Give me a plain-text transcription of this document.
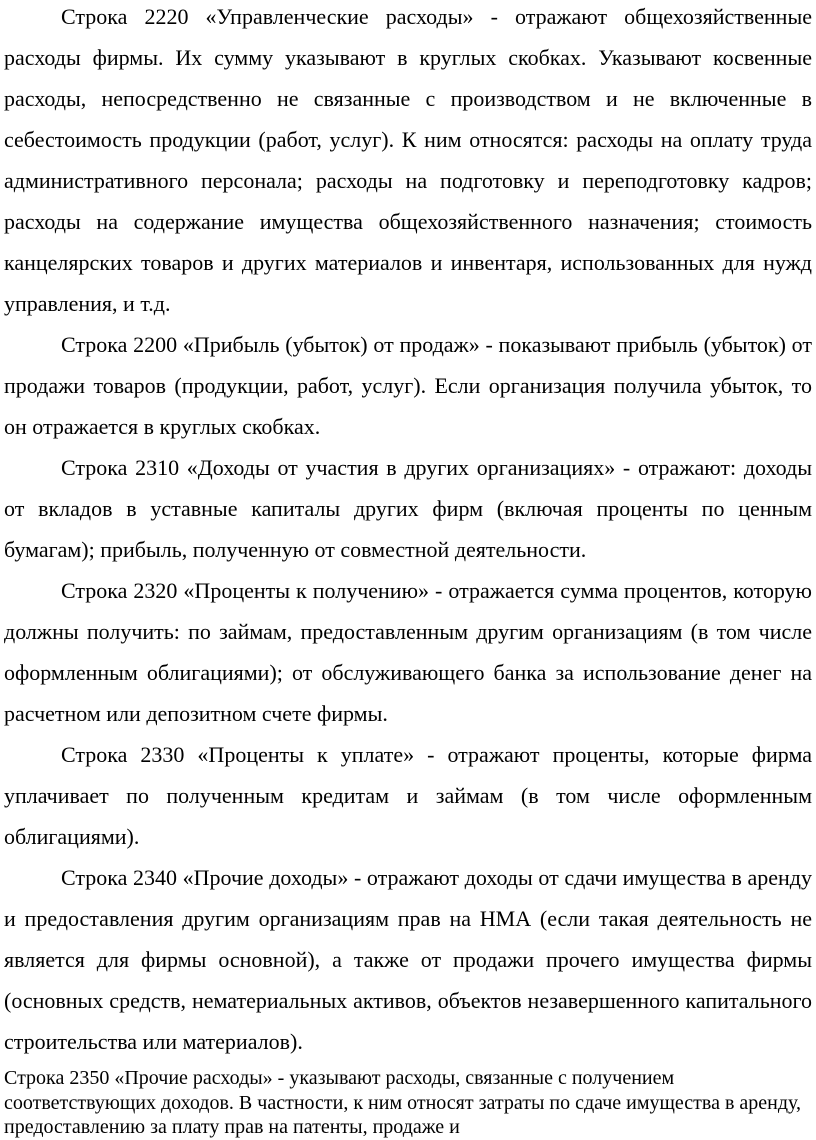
Строка 2220 «Управленческие расходы» - отражают общехозяйственные расходы фирмы. Их сумму указывают в круглых скобках. Указывают косвенные расходы, непосредственно не связанные с производством и не включенные в себестоимость продукции (работ, услуг). К ним относятся: расходы на оплату труда административного персонала; расходы на подготовку и переподготовку кадров; расходы на содержание имущества общехозяйственного назначения; стоимость канцелярских товаров и других материалов и инвентаря, использованных для нужд управления, и т.д.

Строка 2200 «Прибыль (убыток) от продаж» - показывают прибыль (убыток) от продажи товаров (продукции, работ, услуг). Если организация получила убыток, то он отражается в круглых скобках.

Строка 2310 «Доходы от участия в других организациях» - отражают: доходы от вкладов в уставные капиталы других фирм (включая проценты по ценным бумагам); прибыль, полученную от совместной деятельности.

Строка 2320 «Проценты к получению» - отражается сумма процентов, которую должны получить: по займам, предоставленным другим организациям (в том числе оформленным облигациями); от обслуживающего банка за использование денег на расчетном или депозитном счете фирмы.

Строка 2330 «Проценты к уплате» - отражают проценты, которые фирма уплачивает по полученным кредитам и займам (в том числе оформленным облигациями).

Строка 2340 «Прочие доходы» - отражают доходы от сдачи имущества в аренду и предоставления другим организациям прав на НМА (если такая деятельность не является для фирмы основной), а также от продажи прочего имущества фирмы (основных средств, нематериальных активов, объектов незавершенного капитального строительства или материалов).

Строка 2350 «Прочие расходы» - указывают расходы, связанные с получением соответствующих доходов. В частности, к ним относят затраты по сдаче имущества в аренду, предоставлению за плату прав на патенты, продаже и
